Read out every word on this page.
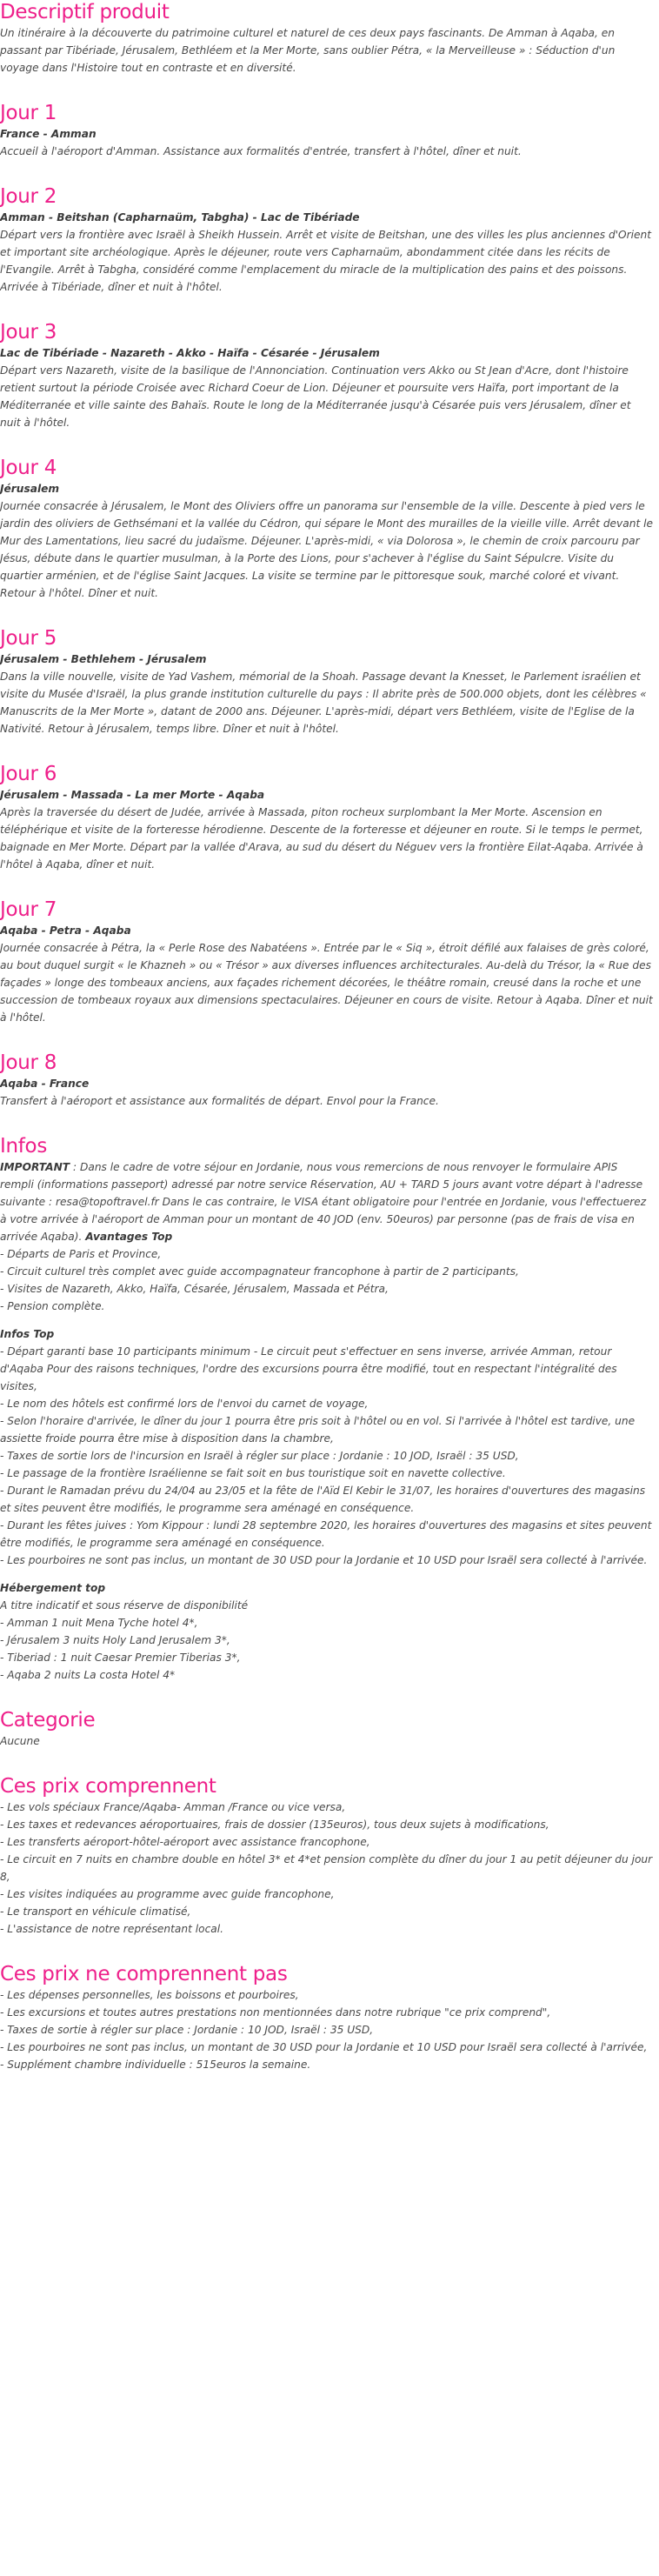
Descriptif produit

Un itinéraire à la découverte du patrimoine culturel et naturel de ces deux pays fascinants. De Amman à Aqaba, en passant par Tibériade, Jérusalem, Bethléem et la Mer Morte, sans oublier Pétra, « la Merveilleuse » : Séduction d'un voyage dans l'Histoire tout en contraste et en diversité.

Jour 1

France - Amman

Accueil à l'aéroport d'Amman. Assistance aux formalités d'entrée, transfert à l'hôtel, dîner et nuit.

Jour 2

Amman - Beitshan (Capharnaüm, Tabgha) - Lac de Tibériade

Départ vers la frontière avec Israël à Sheikh Hussein. Arrêt et visite de Beitshan, une des villes les plus anciennes d'Orient et important site archéologique. Après le déjeuner, route vers Capharnaüm, abondamment citée dans les récits de l'Evangile. Arrêt à Tabgha, considéré comme l'emplacement du miracle de la multiplication des pains et des poissons. Arrivée à Tibériade, dîner et nuit à l'hôtel.

Jour 3

Lac de Tibériade - Nazareth - Akko - Haïfa - Césarée - Jérusalem

Départ vers Nazareth, visite de la basilique de l'Annonciation. Continuation vers Akko ou St Jean d'Acre, dont l'histoire retient surtout la période Croisée avec Richard Coeur de Lion. Déjeuner et poursuite vers Haïfa, port important de la Méditerranée et ville sainte des Bahaïs. Route le long de la Méditerranée jusqu'à Césarée puis vers Jérusalem, dîner et nuit à l'hôtel.

Jour 4

Jérusalem

Journée consacrée à Jérusalem, le Mont des Oliviers offre un panorama sur l'ensemble de la ville. Descente à pied vers le jardin des oliviers de Gethsémani et la vallée du Cédron, qui sépare le Mont des murailles de la vieille ville. Arrêt devant le Mur des Lamentations, lieu sacré du judaïsme. Déjeuner. L'après-midi, « via Dolorosa », le chemin de croix parcouru par Jésus, débute dans le quartier musulman, à la Porte des Lions, pour s'achever à l'église du Saint Sépulcre. Visite du quartier arménien, et de l'église Saint Jacques. La visite se termine par le pittoresque souk, marché coloré et vivant. Retour à l'hôtel. Dîner et nuit.

Jour 5

Jérusalem - Bethlehem - Jérusalem

Dans la ville nouvelle, visite de Yad Vashem, mémorial de la Shoah. Passage devant la Knesset, le Parlement israélien et visite du Musée d'Israël, la plus grande institution culturelle du pays : Il abrite près de 500.000 objets, dont les célèbres « Manuscrits de la Mer Morte », datant de 2000 ans. Déjeuner. L'après-midi, départ vers Bethléem, visite de l'Eglise de la Nativité. Retour à Jérusalem, temps libre. Dîner et nuit à l'hôtel.

Jour 6

Jérusalem - Massada - La mer Morte - Aqaba

Après la traversée du désert de Judée, arrivée à Massada, piton rocheux surplombant la Mer Morte. Ascension en téléphérique et visite de la forteresse hérodienne. Descente de la forteresse et déjeuner en route. Si le temps le permet, baignade en Mer Morte. Départ par la vallée d'Arava, au sud du désert du Néguev vers la frontière Eilat-Aqaba. Arrivée à l'hôtel à Aqaba, dîner et nuit.

Jour 7

Aqaba - Petra - Aqaba

Journée consacrée à Pétra, la « Perle Rose des Nabatéens ». Entrée par le « Siq », étroit défilé aux falaises de grès coloré, au bout duquel surgit « le Khazneh » ou « Trésor » aux diverses influences architecturales. Au-delà du Trésor, la « Rue des façades » longe des tombeaux anciens, aux façades richement décorées, le théâtre romain, creusé dans la roche et une succession de tombeaux royaux aux dimensions spectaculaires. Déjeuner en cours de visite. Retour à Aqaba. Dîner et nuit à l'hôtel.

Jour 8

Aqaba - France

Transfert à l'aéroport et assistance aux formalités de départ. Envol pour la France.

Infos

IMPORTANT : Dans le cadre de votre séjour en Jordanie, nous vous remercions de nous renvoyer le formulaire APIS rempli (informations passeport) adressé par notre service Réservation, AU + TARD 5 jours avant votre départ à l'adresse suivante : resa@topoftravel.fr Dans le cas contraire, le VISA étant obligatoire pour l'entrée en Jordanie, vous l'effectuerez à votre arrivée à l'aéroport de Amman pour un montant de 40 JOD (env. 50euros) par personne (pas de frais de visa en arrivée Aqaba). Avantages Top

- Départs de Paris et Province,

- Circuit culturel très complet avec guide accompagnateur francophone à partir de 2 participants,

- Visites de Nazareth, Akko, Haïfa, Césarée, Jérusalem, Massada et Pétra,

- Pension complète.

Infos Top

- Départ garanti base 10 participants minimum - Le circuit peut s'effectuer en sens inverse, arrivée Amman, retour d'Aqaba Pour des raisons techniques, l'ordre des excursions pourra être modifié, tout en respectant l'intégralité des visites,

- Le nom des hôtels est confirmé lors de l'envoi du carnet de voyage,

- Selon l'horaire d'arrivée, le dîner du jour 1 pourra être pris soit à l'hôtel ou en vol. Si l'arrivée à l'hôtel est tardive, une assiette froide pourra être mise à disposition dans la chambre,

- Taxes de sortie lors de l'incursion en Israël à régler sur place : Jordanie : 10 JOD, Israël : 35 USD,

- Le passage de la frontière Israélienne se fait soit en bus touristique soit en navette collective.

- Durant le Ramadan prévu du 24/04 au 23/05 et la fête de l'Aïd El Kebir le 31/07, les horaires d'ouvertures des magasins et sites peuvent être modifiés, le programme sera aménagé en conséquence.

- Durant les fêtes juives : Yom Kippour : lundi 28 septembre 2020, les horaires d'ouvertures des magasins et sites peuvent être modifiés, le programme sera aménagé en conséquence.

- Les pourboires ne sont pas inclus, un montant de 30 USD pour la Jordanie et 10 USD pour Israël sera collecté à l'arrivée.

Hébergement top

A titre indicatif et sous réserve de disponibilité

- Amman 1 nuit Mena Tyche hotel 4*,

- Jérusalem 3 nuits Holy Land Jerusalem 3*,

- Tiberiad : 1 nuit Caesar Premier Tiberias 3*,

- Aqaba 2 nuits La costa Hotel 4*

Categorie

Aucune

Ces prix comprennent

- Les vols spéciaux France/Aqaba- Amman /France ou vice versa,

- Les taxes et redevances aéroportuaires, frais de dossier (135euros), tous deux sujets à modifications,

- Les transferts aéroport-hôtel-aéroport avec assistance francophone,

- Le circuit en 7 nuits en chambre double en hôtel 3* et 4*et pension complète du dîner du jour 1 au petit déjeuner du jour 8,

- Les visites indiquées au programme avec guide francophone,

- Le transport en véhicule climatisé,

- L'assistance de notre représentant local.

Ces prix ne comprennent pas

- Les dépenses personnelles, les boissons et pourboires,

- Les excursions et toutes autres prestations non mentionnées dans notre rubrique "ce prix comprend",

- Taxes de sortie à régler sur place : Jordanie : 10 JOD, Israël : 35 USD,

- Les pourboires ne sont pas inclus, un montant de 30 USD pour la Jordanie et 10 USD pour Israël sera collecté à l'arrivée,

- Supplément chambre individuelle : 515euros la semaine.
